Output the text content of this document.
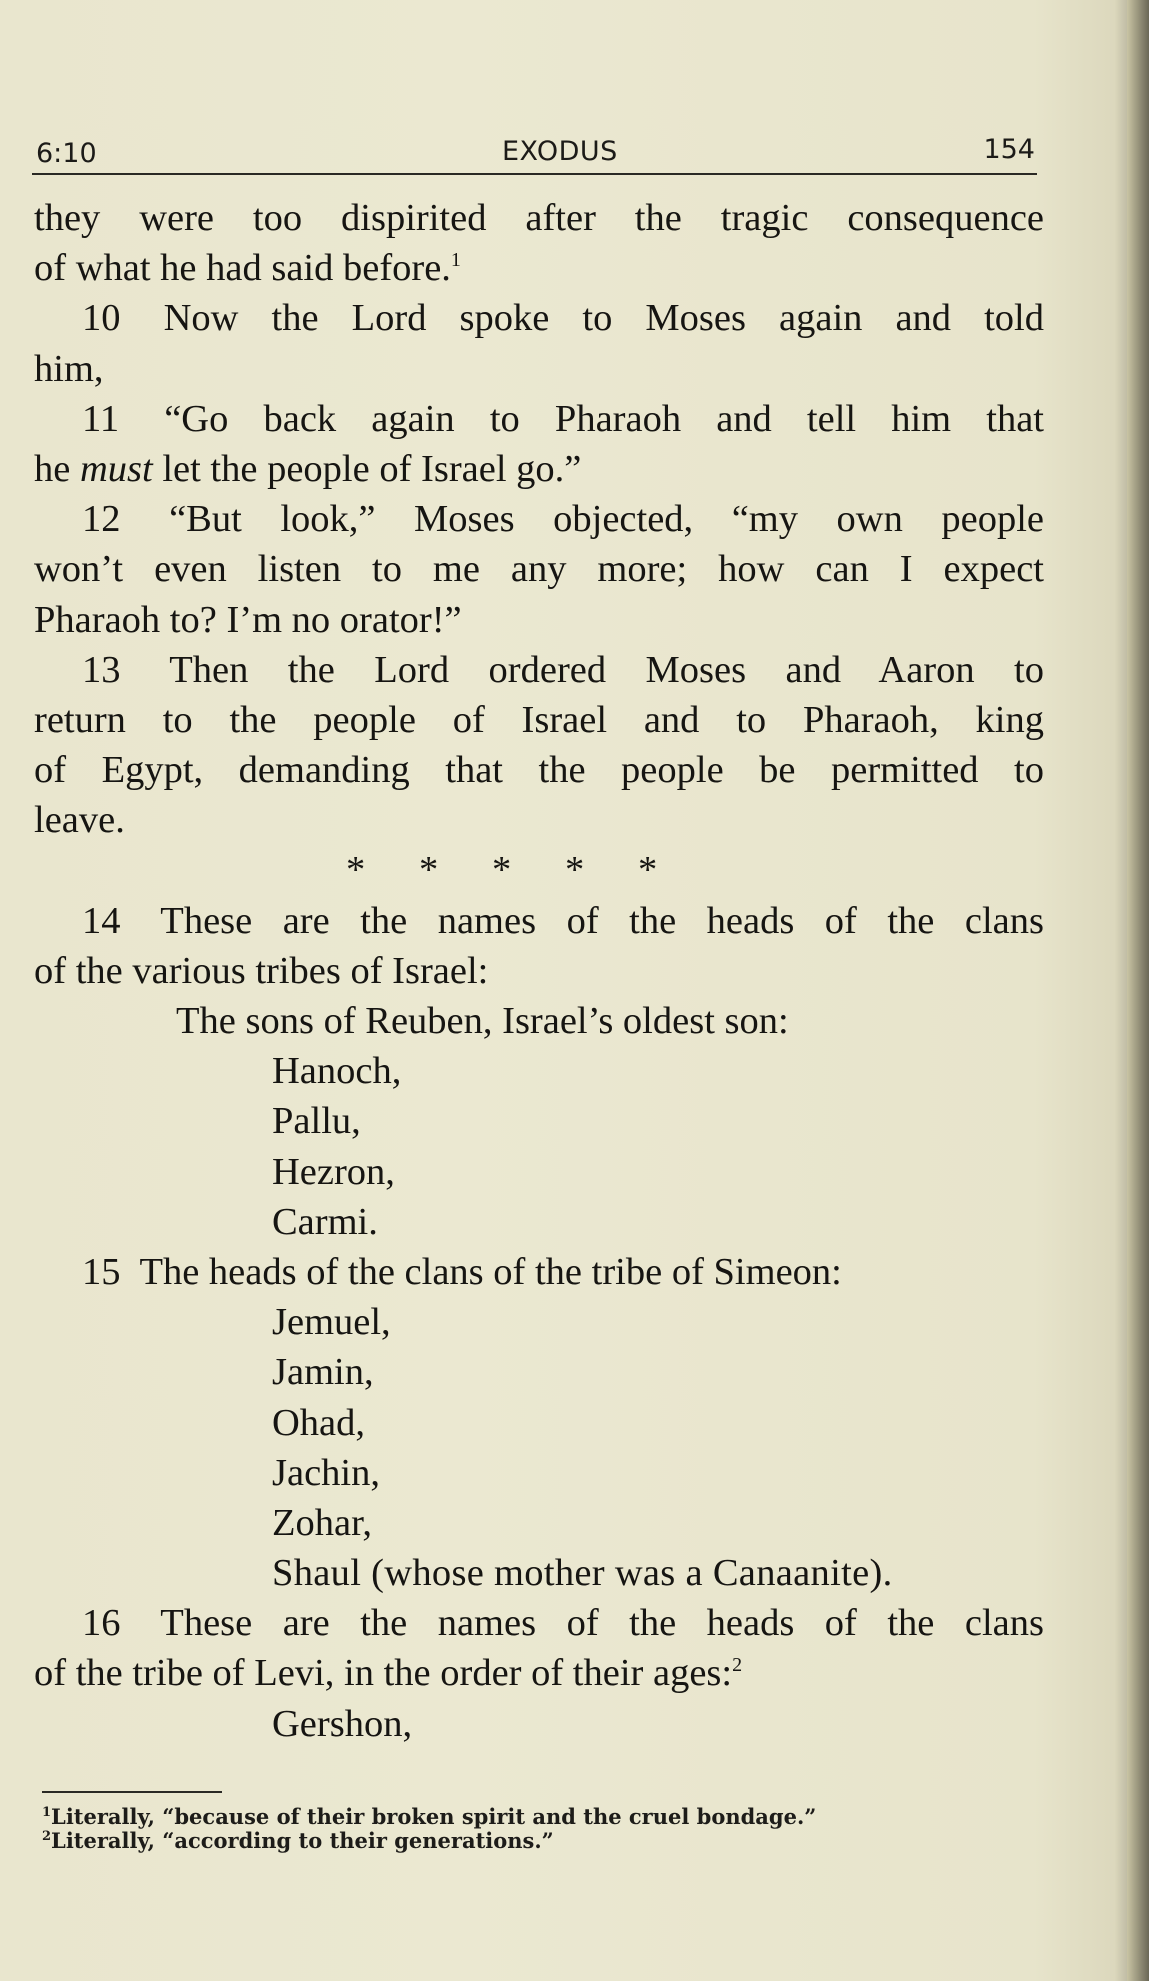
6:10	EXODUS	154
they were too dispirited after the tragic consequence
of what he had said before.$^1$
10 Now the Lord spoke to Moses again and told
him,
11 “Go back again to Pharaoh and tell him that
he must let the people of Israel go.”
12 “But look,” Moses objected, “my own people
won’t even listen to me any more; how can I expect
Pharaoh to? I’m no orator!”
13 Then the Lord ordered Moses and Aaron to
return to the people of Israel and to Pharaoh, king
of Egypt, demanding that the people be permitted to
leave.
* * * * *
14 These are the names of the heads of the clans
of the various tribes of Israel:
The sons of Reuben, Israel’s oldest son:
Hanoch,
Pallu,
Hezron,
Carmi.
15 The heads of the clans of the tribe of Simeon:
Jemuel,
Jamin,
Ohad,
Jachin,
Zohar,
Shaul (whose mother was a Canaanite).
16 These are the names of the heads of the clans
of the tribe of Levi, in the order of their ages:$^2$
Gershon,
$^1$Literally, “because of their broken spirit and the cruel bondage.”
$^2$Literally, “according to their generations.”
